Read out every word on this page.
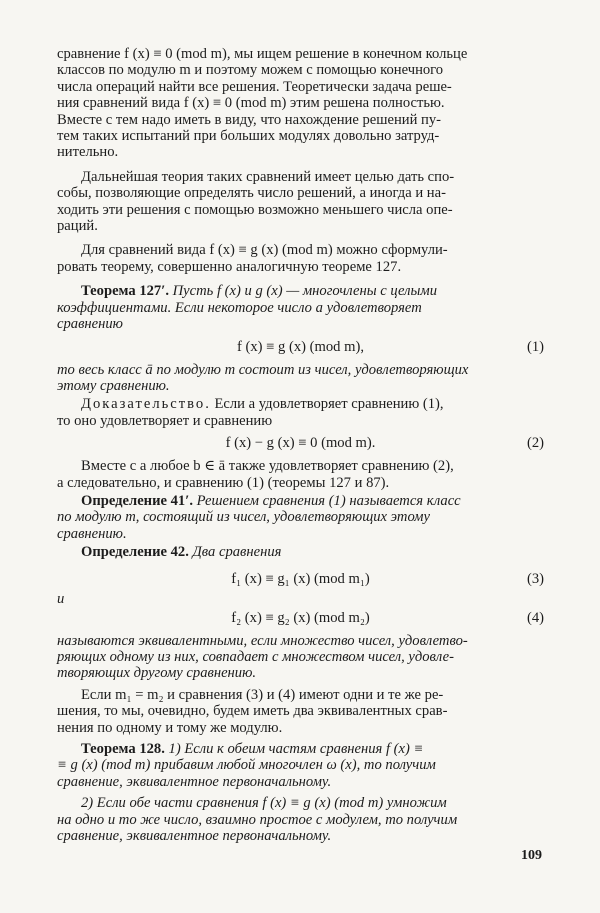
сравнение f (x) ≡ 0 (mod m), мы ищем решение в конечном кольце
классов по модулю m и поэтому можем с помощью конечного
числа операций найти все решения. Теоретически задача реше-
ния сравнений вида f (x) ≡ 0 (mod m) этим решена полностью.
Вместе с тем надо иметь в виду, что нахождение решений пу-
тем таких испытаний при больших модулях довольно затруд-
нительно.

Дальнейшая теория таких сравнений имеет целью дать спо-
собы, позволяющие определять число решений, а иногда и на-
ходить эти решения с помощью возможно меньшего числа опе-
раций.

Для сравнений вида f (x) ≡ g (x) (mod m) можно сформули-
ровать теорему, совершенно аналогичную теореме 127.

Теорема 127′. Пусть f (x) и g (x) — многочлены с целыми
коэффициентами. Если некоторое число a удовлетворяет
сравнению

f (x) ≡ g (x) (mod m),	(1)

то весь класс ā по модулю m состоит из чисел, удовлетворяющих
этому сравнению.

Доказательство. Если a удовлетворяет сравнению (1),
то оно удовлетворяет и сравнению

f (x) − g (x) ≡ 0 (mod m).	(2)

Вместе с a любое b ∈ ā также удовлетворяет сравнению (2),
а следовательно, и сравнению (1) (теоремы 127 и 87).

Определение 41′. Решением сравнения (1) называется класс
по модулю m, состоящий из чисел, удовлетворяющих этому
сравнению.

Определение 42. Два сравнения

f₁ (x) ≡ g₁ (x) (mod m₁)	(3)
и
f₂ (x) ≡ g₂ (x) (mod m₂)	(4)

называются эквивалентными, если множество чисел, удовлетво-
ряющих одному из них, совпадает с множеством чисел, удовле-
творяющих другому сравнению.

Если m₁ = m₂ и сравнения (3) и (4) имеют одни и те же ре-
шения, то мы, очевидно, будем иметь два эквивалентных срав-
нения по одному и тому же модулю.

Теорема 128. 1) Если к обеим частям сравнения f (x) ≡
≡ g (x) (mod m) прибавим любой многочлен ω (x), то получим
сравнение, эквивалентное первоначальному.

2) Если обе части сравнения f (x) ≡ g (x) (mod m) умножим
на одно и то же число, взаимно простое с модулем, то получим
сравнение, эквивалентное первоначальному.

109
